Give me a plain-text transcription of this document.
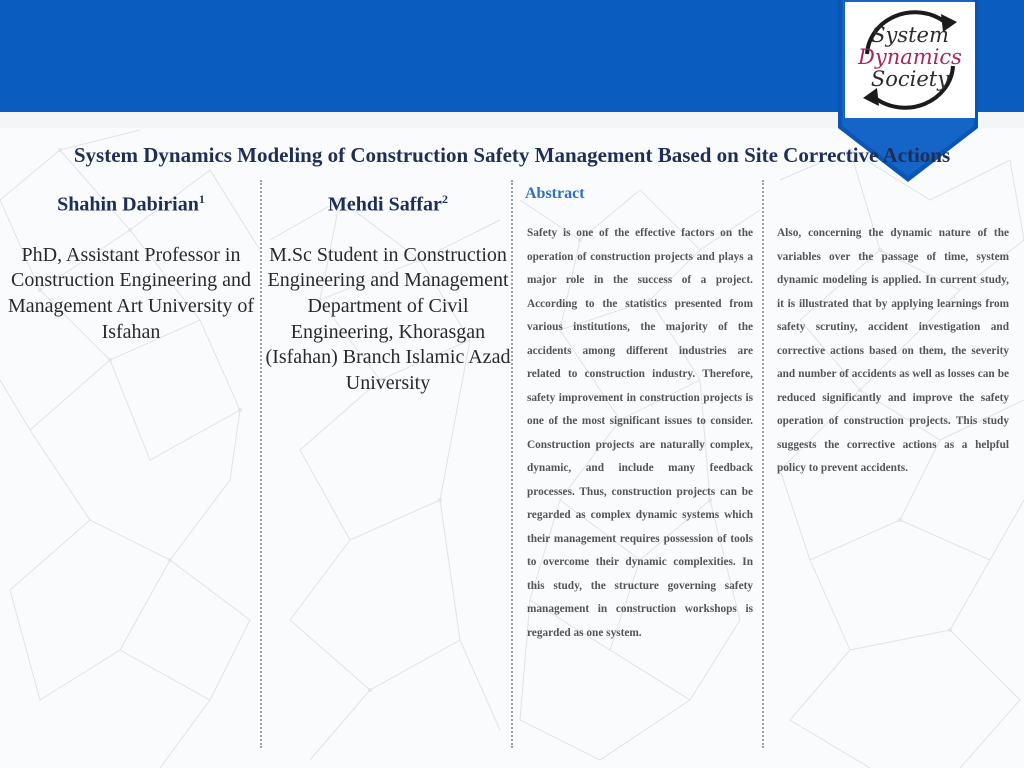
System
Dynamics
Society
System Dynamics Modeling of Construction Safety Management Based on Site Corrective Actions
Shahin Dabirian$^1$
PhD, Assistant Professor in Construction Engineering and Management Art University of Isfahan
Mehdi Saffar$^2$
M.Sc Student in Construction Engineering and Management Department of Civil Engineering, Khorasgan (Isfahan) Branch Islamic Azad University
Abstract
Safety is one of the effective factors on the operation of construction projects and plays a major role in the success of a project. According to the statistics presented from various institutions, the majority of the accidents among different industries are related to construction industry. Therefore, safety improvement in construction projects is one of the most significant issues to consider. Construction projects are naturally complex, dynamic, and include many feedback processes. Thus, construction projects can be regarded as complex dynamic systems which their management requires possession of tools to overcome their dynamic complexities. In this study, the structure governing safety management in construction workshops is regarded as one system.
Also, concerning the dynamic nature of the variables over the passage of time, system dynamic modeling is applied. In current study, it is illustrated that by applying learnings from safety scrutiny, accident investigation and corrective actions based on them, the severity and number of accidents as well as losses can be reduced significantly and improve the safety operation of construction projects. This study suggests the corrective actions as a helpful policy to prevent accidents.
